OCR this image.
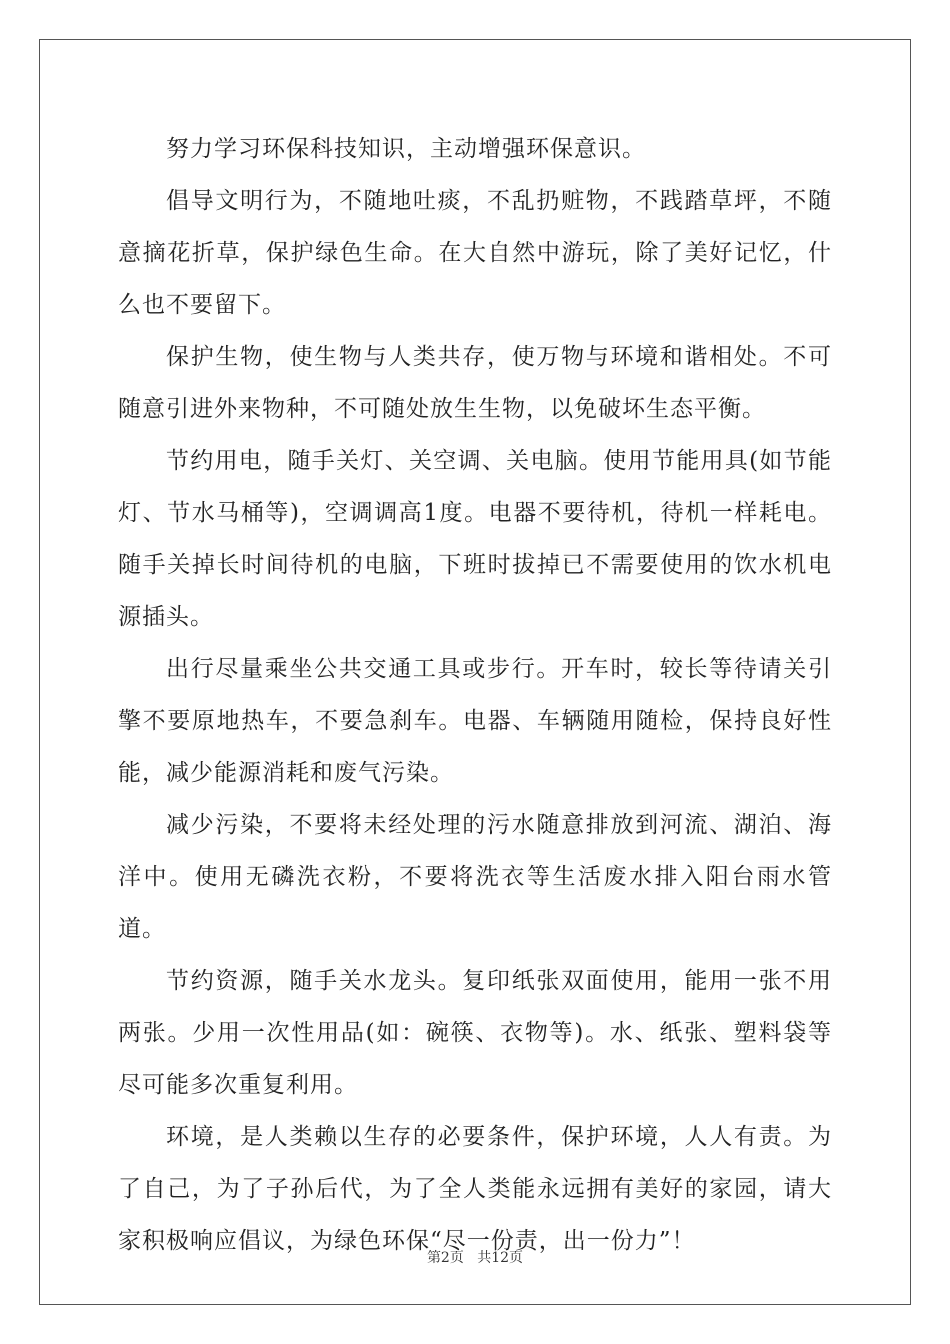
努力学习环保科技知识，主动增强环保意识。

倡导文明行为，不随地吐痰，不乱扔赃物，不践踏草坪，不随意摘花折草，保护绿色生命。在大自然中游玩，除了美好记忆，什么也不要留下。

保护生物，使生物与人类共存，使万物与环境和谐相处。不可随意引进外来物种，不可随处放生生物，以免破坏生态平衡。

节约用电，随手关灯、关空调、关电脑。使用节能用具(如节能灯、节水马桶等)，空调调高1度。电器不要待机，待机一样耗电。随手关掉长时间待机的电脑，下班时拔掉已不需要使用的饮水机电源插头。

出行尽量乘坐公共交通工具或步行。开车时，较长等待请关引擎不要原地热车，不要急刹车。电器、车辆随用随检，保持良好性能，减少能源消耗和废气污染。

减少污染，不要将未经处理的污水随意排放到河流、湖泊、海洋中。使用无磷洗衣粉，不要将洗衣等生活废水排入阳台雨水管道。

节约资源，随手关水龙头。复印纸张双面使用，能用一张不用两张。少用一次性用品(如：碗筷、衣物等)。水、纸张、塑料袋等尽可能多次重复利用。

环境，是人类赖以生存的必要条件，保护环境，人人有责。为了自己，为了子孙后代，为了全人类能永远拥有美好的家园，请大家积极响应倡议，为绿色环保“尽一份责，出一份力”！

第2页 共12页
